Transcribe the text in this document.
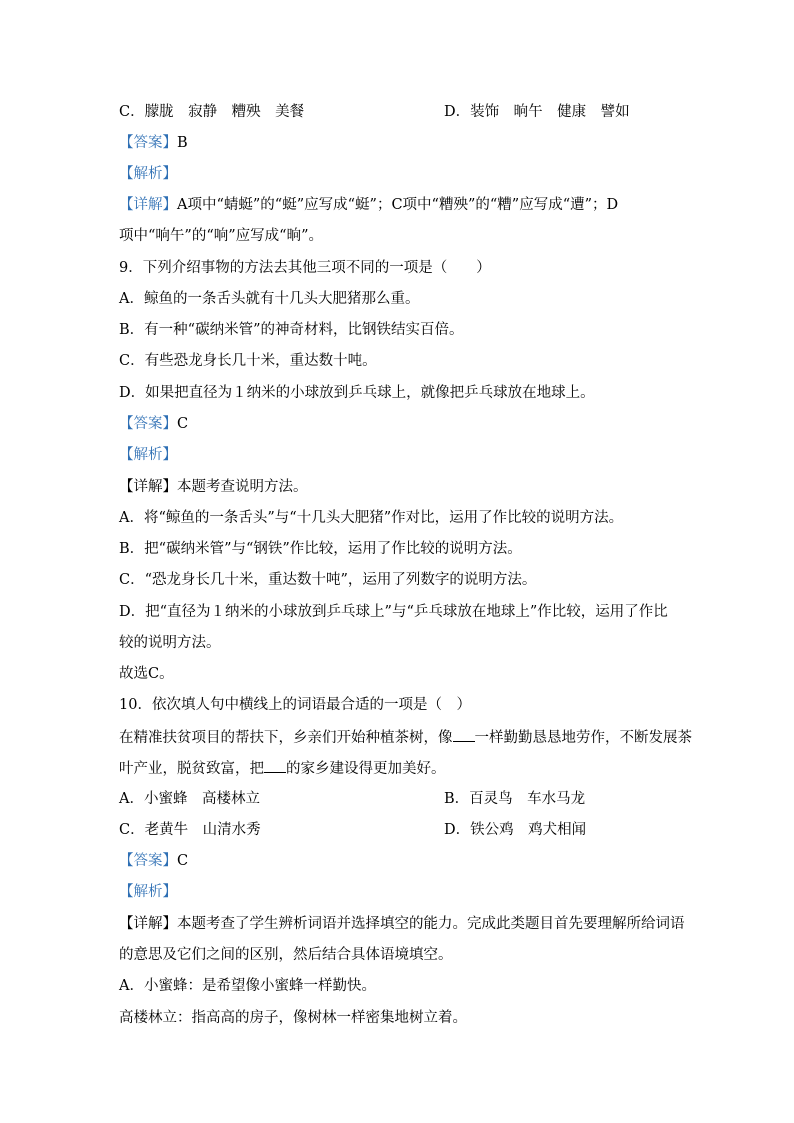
C．朦胧　寂静　糟殃　美餐	D．装饰　晌午　健康　譬如
【答案】B
【解析】
【详解】A项中“蜻蜓”的“蜓”应写成“蜓”；C项中“糟殃”的“糟”应写成“遭”；D
项中“响午”的“响”应写成“晌”。
9．下列介绍事物的方法去其他三项不同的一项是（　　）
A．鲸鱼的一条舌头就有十几头大肥猪那么重。
B．有一种“碳纳米管”的神奇材料，比钢铁结实百倍。
C．有些恐龙身长几十米，重达数十吨。
D．如果把直径为１纳米的小球放到乒乓球上，就像把乒乓球放在地球上。
【答案】C
【解析】
【详解】本题考查说明方法。
A．将“鲸鱼的一条舌头”与“十几头大肥猪”作对比，运用了作比较的说明方法。
B．把“碳纳米管”与“钢铁”作比较，运用了作比较的说明方法。
C．“恐龙身长几十米，重达数十吨”，运用了列数字的说明方法。
D．把“直径为１纳米的小球放到乒乓球上”与“乒乓球放在地球上”作比较，运用了作比
较的说明方法。
故选C。
10．依次填人句中横线上的词语最合适的一项是（　）
在精准扶贫项目的帮扶下，乡亲们开始种植茶树，像 一样勤勤恳恳地劳作，不断发展茶
叶产业，脱贫致富，把 的家乡建设得更加美好。
A．小蜜蜂　高楼林立	B．百灵鸟　车水马龙
C．老黄牛　山清水秀	D．铁公鸡　鸡犬相闻
【答案】C
【解析】
【详解】本题考查了学生辨析词语并选择填空的能力。完成此类题目首先要理解所给词语
的意思及它们之间的区别，然后结合具体语境填空。
A．小蜜蜂：是希望像小蜜蜂一样勤快。
高楼林立：指高高的房子，像树林一样密集地树立着。
